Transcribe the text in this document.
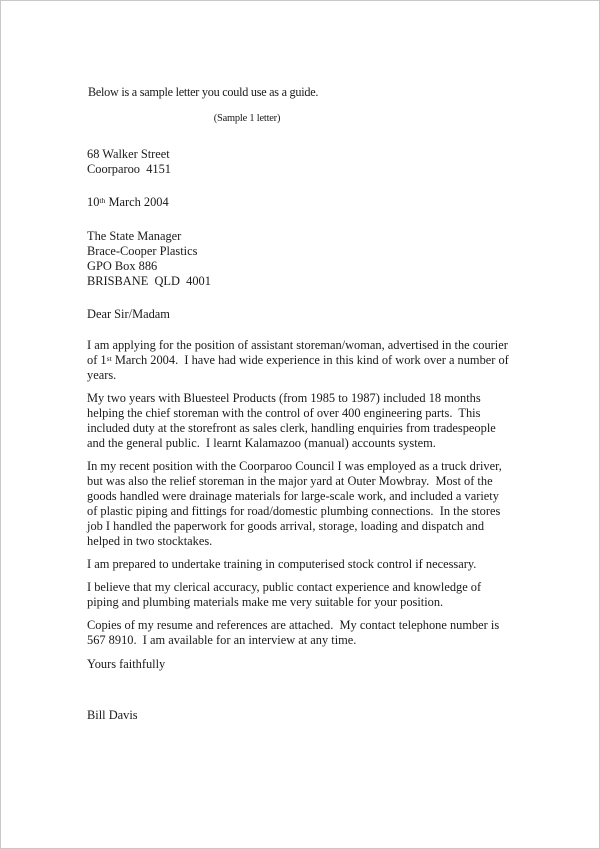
Below is a sample letter you could use as a guide.

(Sample 1 letter)

68 Walker Street

Coorparoo  4151

10th March 2004

The State Manager

Brace-Cooper Plastics

GPO Box 886

BRISBANE  QLD  4001

Dear Sir/Madam

I am applying for the position of assistant storeman/woman, advertised in the courier of 1st March 2004.  I have had wide experience in this kind of work over a number of years.

My two years with Bluesteel Products (from 1985 to 1987) included 18 months helping the chief storeman with the control of over 400 engineering parts.  This included duty at the storefront as sales clerk, handling enquiries from tradespeople and the general public.  I learnt Kalamazoo (manual) accounts system.

In my recent position with the Coorparoo Council I was employed as a truck driver, but was also the relief storeman in the major yard at Outer Mowbray.  Most of the goods handled were drainage materials for large-scale work, and included a variety of plastic piping and fittings for road/domestic plumbing connections.  In the stores job I handled the paperwork for goods arrival, storage, loading and dispatch and helped in two stocktakes.

I am prepared to undertake training in computerised stock control if necessary.

I believe that my clerical accuracy, public contact experience and knowledge of piping and plumbing materials make me very suitable for your position.

Copies of my resume and references are attached.  My contact telephone number is 567 8910.  I am available for an interview at any time.

Yours faithfully

Bill Davis
